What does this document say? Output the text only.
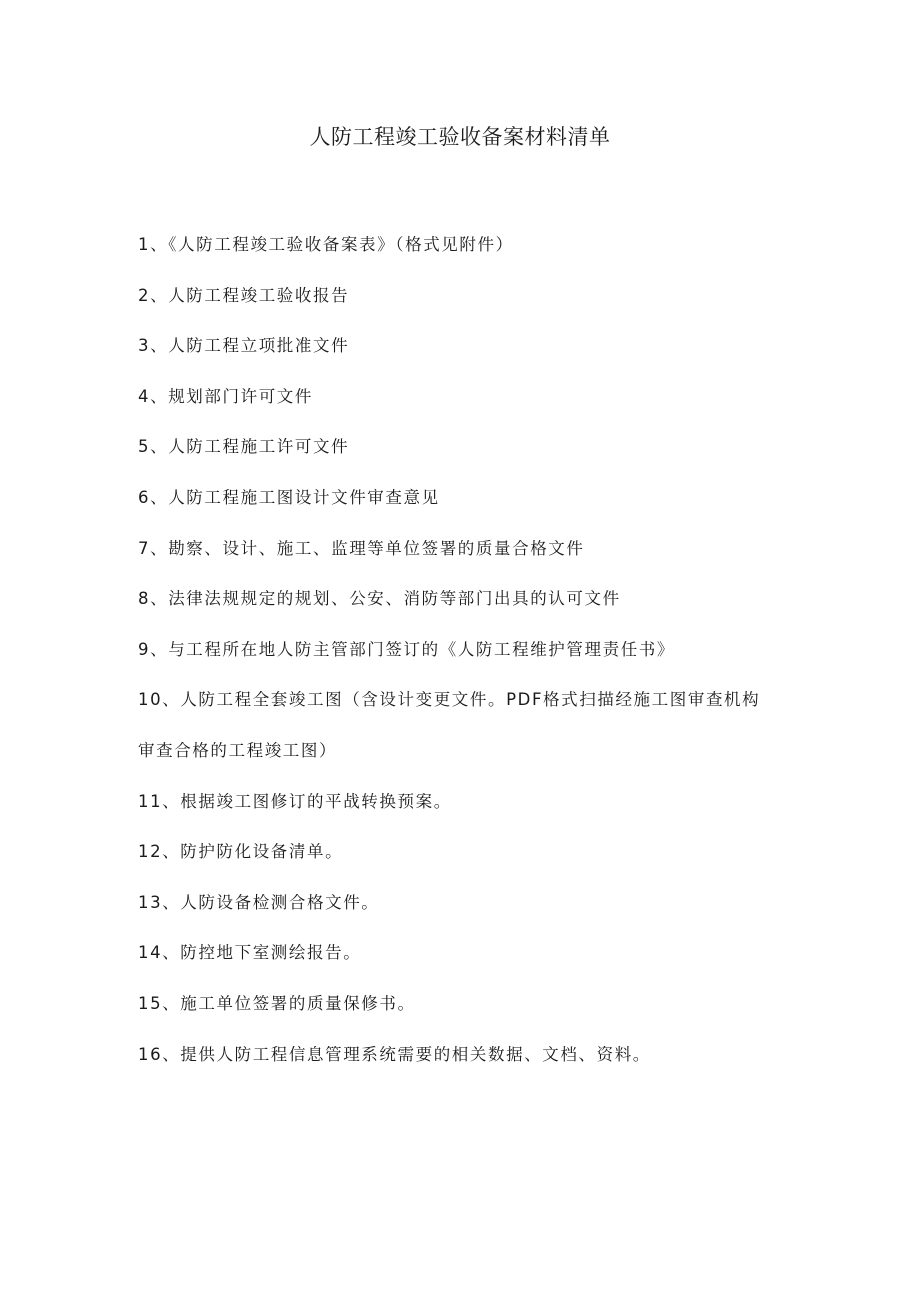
人防工程竣工验收备案材料清单
1、《人防工程竣工验收备案表》（格式见附件）
2、人防工程竣工验收报告
3、人防工程立项批准文件
4、规划部门许可文件
5、人防工程施工许可文件
6、人防工程施工图设计文件审查意见
7、勘察、设计、施工、监理等单位签署的质量合格文件
8、法律法规规定的规划、公安、消防等部门出具的认可文件
9、与工程所在地人防主管部门签订的《人防工程维护管理责任书》
10、人防工程全套竣工图（含设计变更文件。PDF格式扫描经施工图审查机构审查合格的工程竣工图）
11、根据竣工图修订的平战转换预案。
12、防护防化设备清单。
13、人防设备检测合格文件。
14、防控地下室测绘报告。
15、施工单位签署的质量保修书。
16、提供人防工程信息管理系统需要的相关数据、文档、资料。
